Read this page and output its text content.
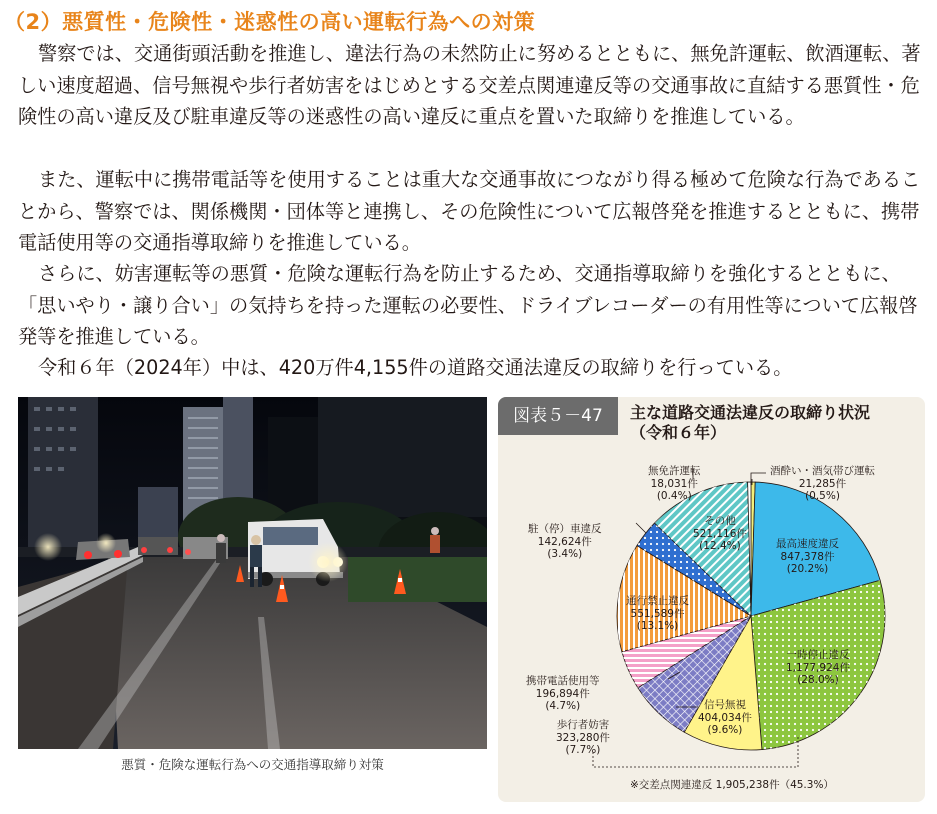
（2）悪質性・危険性・迷惑性の高い運転行為への対策
警察では、交通街頭活動を推進し、違法行為の未然防止に努めるとともに、無免許運転、飲酒運転、著しい速度超過、信号無視や歩行者妨害をはじめとする交差点関連違反等の交通事故に直結する悪質性・危険性の高い違反及び駐車違反等の迷惑性の高い違反に重点を置いた取締りを推進している。
また、運転中に携帯電話等を使用することは重大な交通事故につながり得る極めて危険な行為であることから、警察では、関係機関・団体等と連携し、その危険性について広報啓発を推進するとともに、携帯電話使用等の交通指導取締りを推進している。
さらに、妨害運転等の悪質・危険な運転行為を防止するため、交通指導取締りを強化するとともに、「思いやり・譲り合い」の気持ちを持った運転の必要性、ドライブレコーダーの有用性等について広報啓発等を推進している。
令和６年（2024年）中は、420万件4,155件の道路交通法違反の取締りを行っている。
悪質・危険な運転行為への交通指導取締り対策
図表５－47	主な道路交通法違反の取締り状況
（令和６年）
無免許運転
18,031件
(0.4%)
酒酔い・酒気帯び運転
21,285件
(0.5%)
その他
521,116件
(12.4%)	最高速度違反
847,378件
(20.2%)
駐（停）車違反
142,624件
(3.4%)
通行禁止違反
551,589件
(13.1%)
一時停止違反
1,177,924件
(28.0%)
携帯電話使用等
196,894件
(4.7%)	信号無視
404,034件
(9.6%)
歩行者妨害
323,280件
(7.7%)
※交差点関連違反 1,905,238件（45.3%）
